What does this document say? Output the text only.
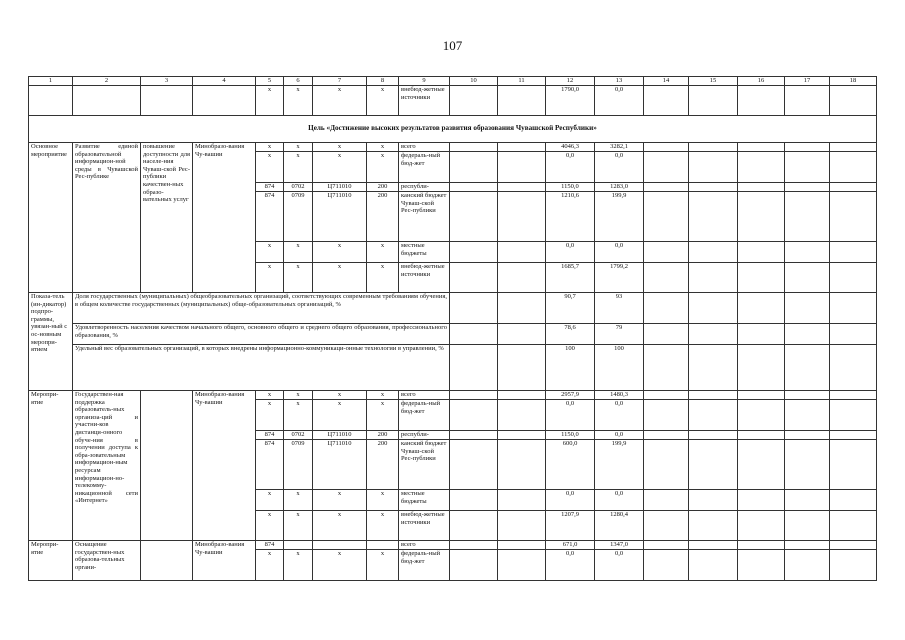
107
1	2	3	4	5	6	7	8	9	10	11	12	13	14	15	16	17	18
				х	х	х	х	внебюд-жетные источники			1790,0	0,0					
Цель «Достижение высоких результатов развития образования Чувашской Республики»																	
Основное мероприятие	Развитие единой образовательной информацион-ной среды в Чувашской Рес-публике	повышение доступности для населе-ния Чуваш-ской Рес-публики качествен-ных образо-вательных услуг	Минобразо-вания Чу-вашии	х	х	х	х	всего			4046,3	3282,1					
				х	х	х	х	федераль-ный бюд-жет			0,0	0,0					
				874	0702	Ц711010	200	республи-			1150,0	1283,0					
				874	0709	Ц711010	200	канский бюджет Чуваш-ской Рес-публики			1210,6	199,9					
				х	х	х	х	местные бюджеты			0,0	0,0					
				х	х	х	х	внебюд-жетные источники			1685,7	1799,2					
Показа-тель (ин-дикатор) подпро-граммы, увязан-ный с ос-новным меропри-ятием	Доля государственных (муниципальных) общеобразовательных организаций, соответствующих современным требованиям обучения, в общем количестве государственных (муниципальных) обще-образовательных организаций, %										90,7	93					
	Удовлетворенность населения качеством начального общего, основного общего и среднего общего образования, профессионального образования, %										78,6	79					
	Удельный вес образовательных организаций, в которых внедрены информационно-коммуникаци-онные технологии в управлении, %										100	100					
Меропри-ятие	Государствен-ная поддержка образователь-ных организа-ций и участни-ков дистанци-онного обуче-ния в получении доступа к обра-зовательным информацион-ным ресурсам информацион-но-телекомму-никационной сети «Интернет»		Минобразо-вания Чу-вашии	х	х	х	х	всего			2957,9	1480,3					
				х	х	х	х	федераль-ный бюд-жет			0,0	0,0					
				874	0702	Ц711010	200	республи-			1150,0	0,0					
				874	0709	Ц711010	200	канский бюджет Чуваш-ской Рес-публики			600,0	199,9					
				х	х	х	х	местные бюджеты			0,0	0,0					
				х	х	х	х	внебюд-жетные источники			1207,9	1280,4					
Меропри-ятие	Оснащение государствен-ных образова-тельных органи-		Минобразо-вания Чу-вашии	874				всего			671,0	1347,0					
				х	х	х	х	федераль-ный бюд-жет			0,0	0,0					
